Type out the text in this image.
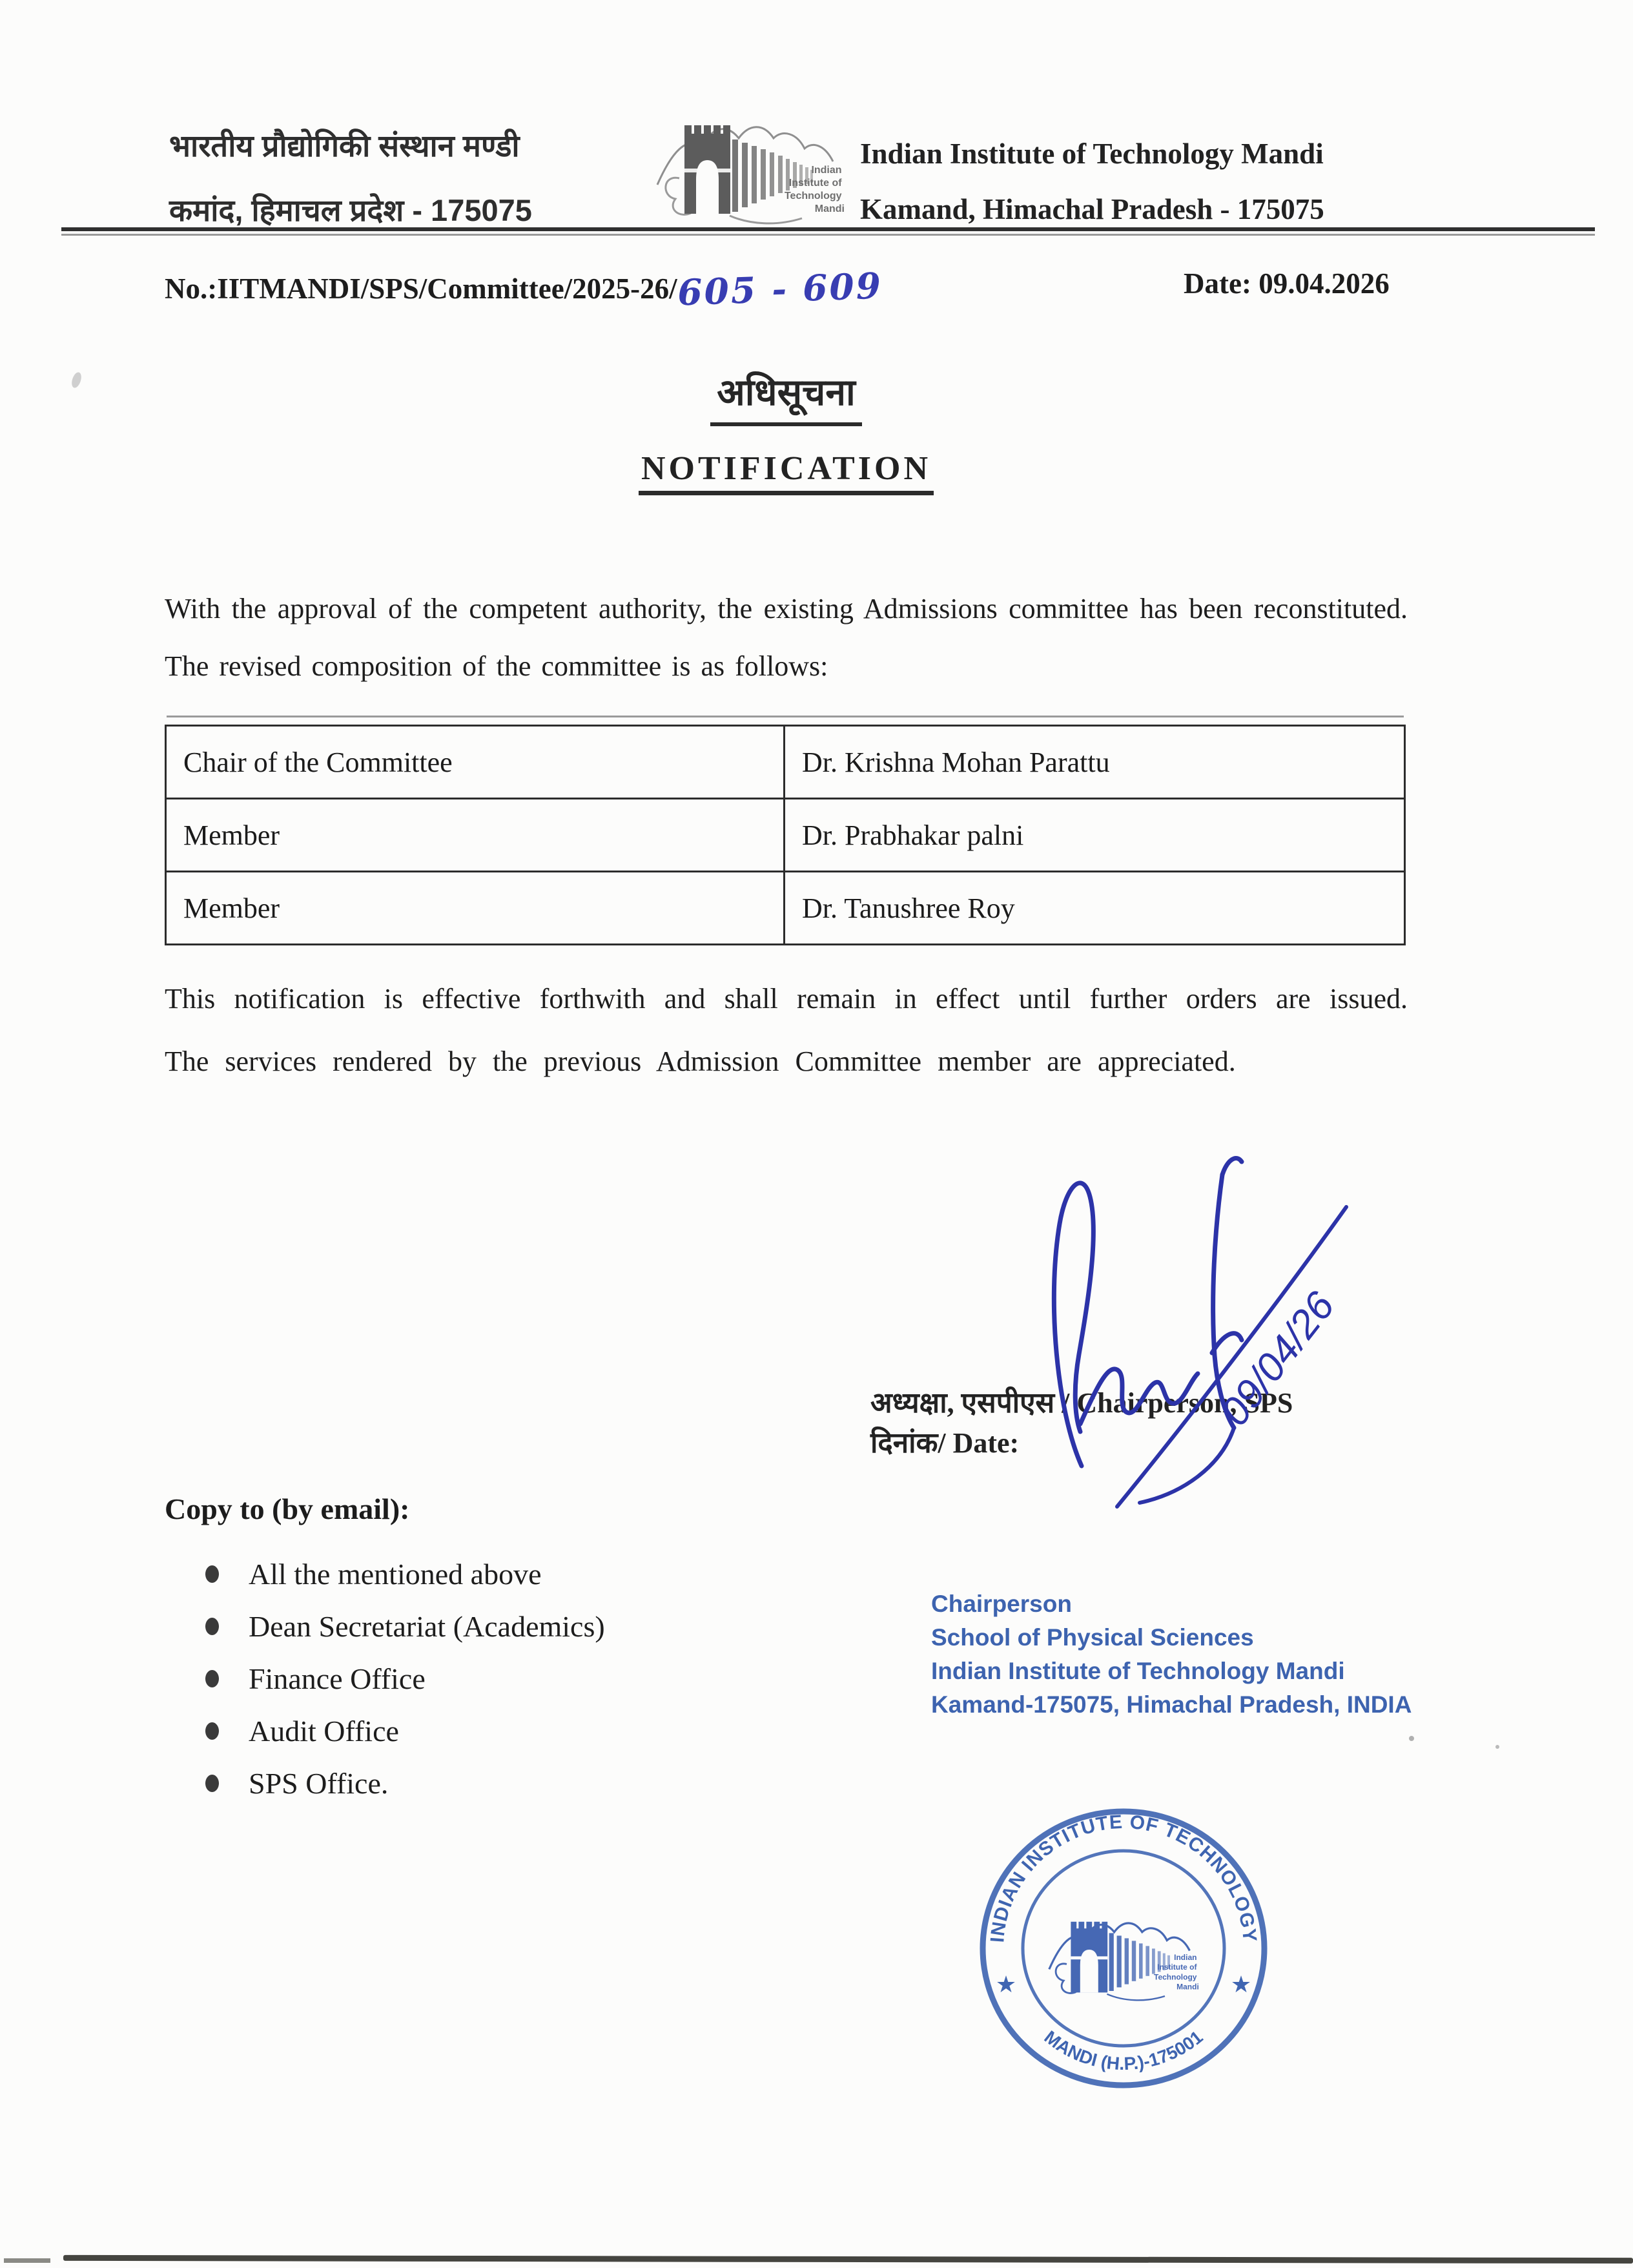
भारतीय प्रौद्योगिकी संस्थान मण्डी
कमांद, हिमाचल प्रदेश - 175075
Indian Institute of Technology Mandi
Indian Institute of Technology Mandi
Kamand, Himachal Pradesh - 175075
No.:IITMANDI/SPS/Committee/2025-26/605 - 609	Date: 09.04.2026
अधिसूचना
NOTIFICATION
With the approval of the competent authority, the existing Admissions committee has been reconstituted. The revised composition of the committee is as follows:
Chair of the Committee	Dr. Krishna Mohan Parattu
Member	Dr. Prabhakar palni
Member	Dr. Tanushree Roy
This notification is effective forthwith and shall remain in effect until further orders are issued. The services rendered by the previous Admission Committee member are appreciated.
अध्यक्षा, एसपीएस / Chairperson, SPS
दिनांक/ Date:
09/04/26
Copy to (by email):
All the mentioned above
Dean Secretariat (Academics)
Finance Office
Audit Office
SPS Office.
Chairperson
School of Physical Sciences
Indian Institute of Technology Mandi
Kamand-175075, Himachal Pradesh, INDIA
INDIAN INSTITUTE OF TECHNOLOGY
MANDI (H.P.)-175001
★	★
Indian Institute of Technology Mandi
